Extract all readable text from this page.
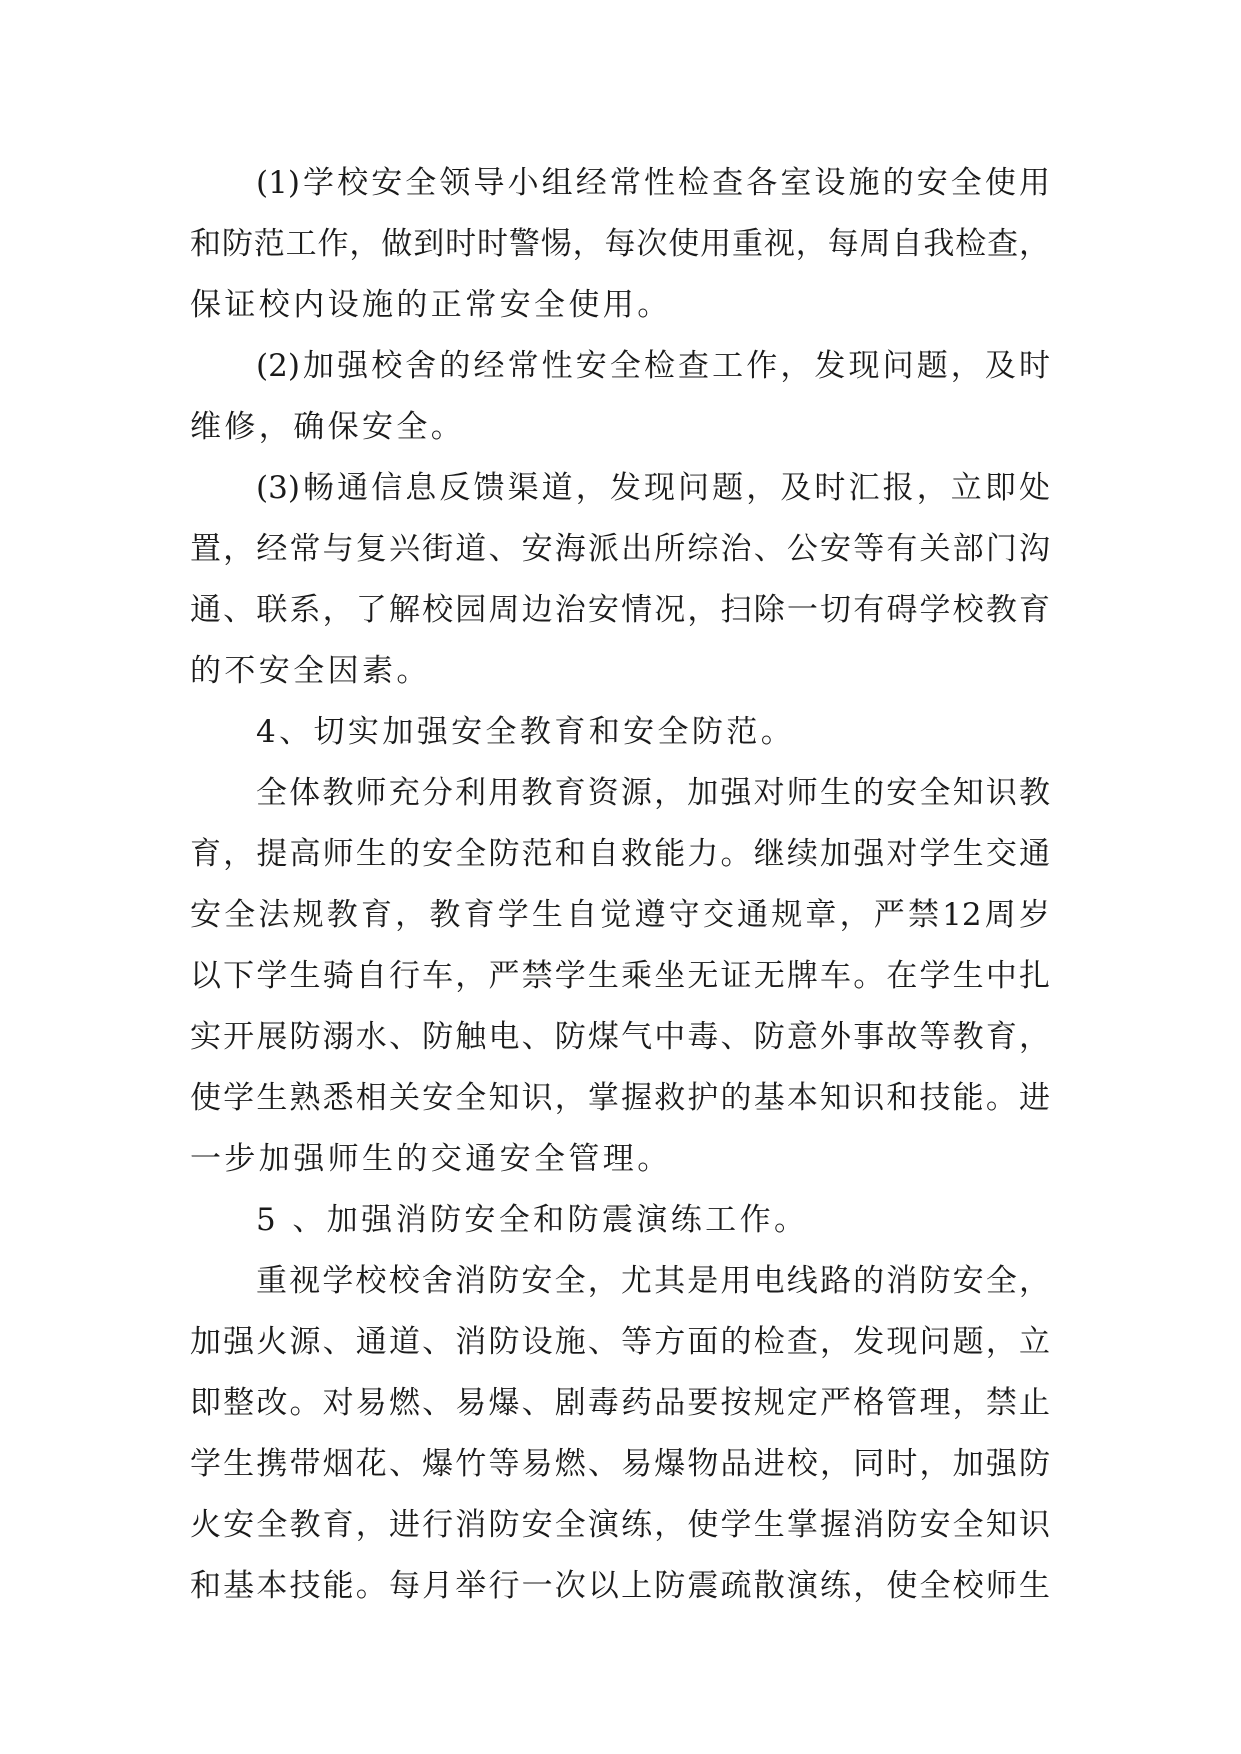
(1)学校安全领导小组经常性检查各室设施的安全使用
和防范工作，做到时时警惕，每次使用重视，每周自我检查，
保证校内设施的正常安全使用。
(2)加强校舍的经常性安全检查工作，发现问题，及时
维修，确保安全。
(3)畅通信息反馈渠道，发现问题，及时汇报，立即处
置，经常与复兴街道、安海派出所综治、公安等有关部门沟
通、联系，了解校园周边治安情况，扫除一切有碍学校教育
的不安全因素。
4、切实加强安全教育和安全防范。
全体教师充分利用教育资源，加强对师生的安全知识教
育，提高师生的安全防范和自救能力。继续加强对学生交通
安全法规教育，教育学生自觉遵守交通规章，严禁12周岁
以下学生骑自行车，严禁学生乘坐无证无牌车。在学生中扎
实开展防溺水、防触电、防煤气中毒、防意外事故等教育，
使学生熟悉相关安全知识，掌握救护的基本知识和技能。进
一步加强师生的交通安全管理。
5 、加强消防安全和防震演练工作。
重视学校校舍消防安全，尤其是用电线路的消防安全，
加强火源、通道、消防设施、等方面的检查，发现问题，立
即整改。对易燃、易爆、剧毒药品要按规定严格管理，禁止
学生携带烟花、爆竹等易燃、易爆物品进校，同时，加强防
火安全教育，进行消防安全演练，使学生掌握消防安全知识
和基本技能。每月举行一次以上防震疏散演练，使全校师生
